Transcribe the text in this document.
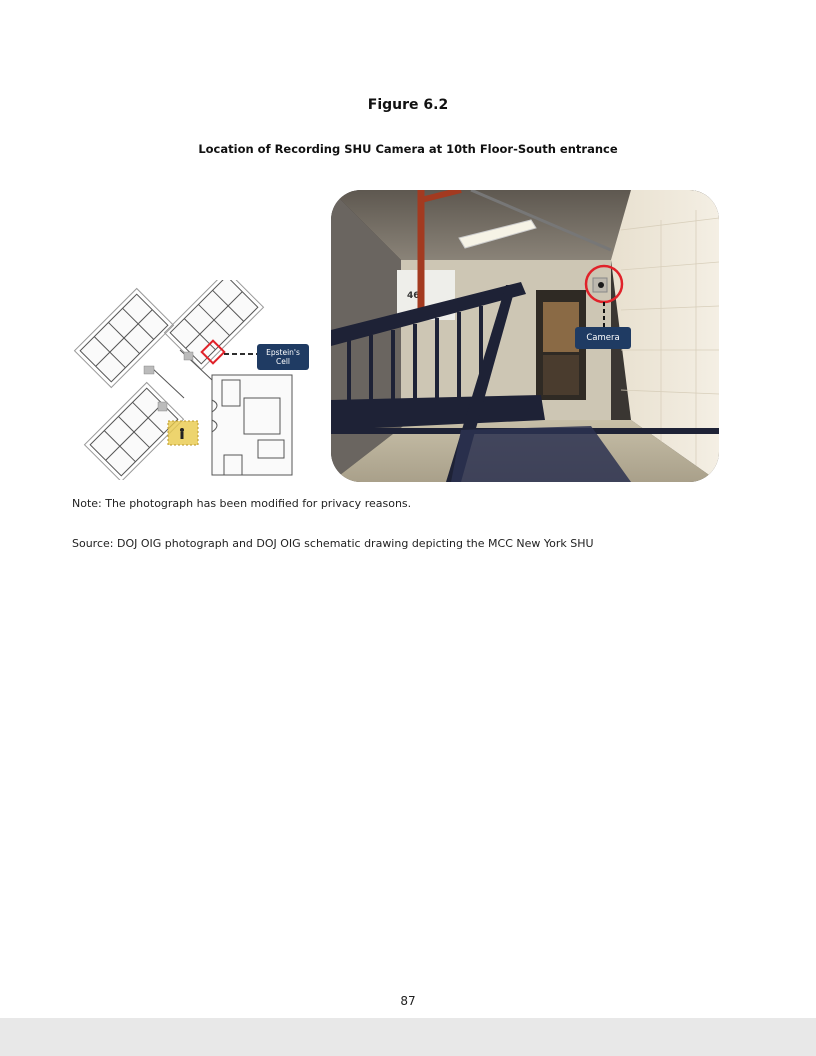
Figure 6.2
Location of Recording SHU Camera at 10th Floor-South entrance
Epstein's
Cell
46
Camera
Note: The photograph has been modified for privacy reasons.
Source: DOJ OIG photograph and DOJ OIG schematic drawing depicting the MCC New York SHU
87
